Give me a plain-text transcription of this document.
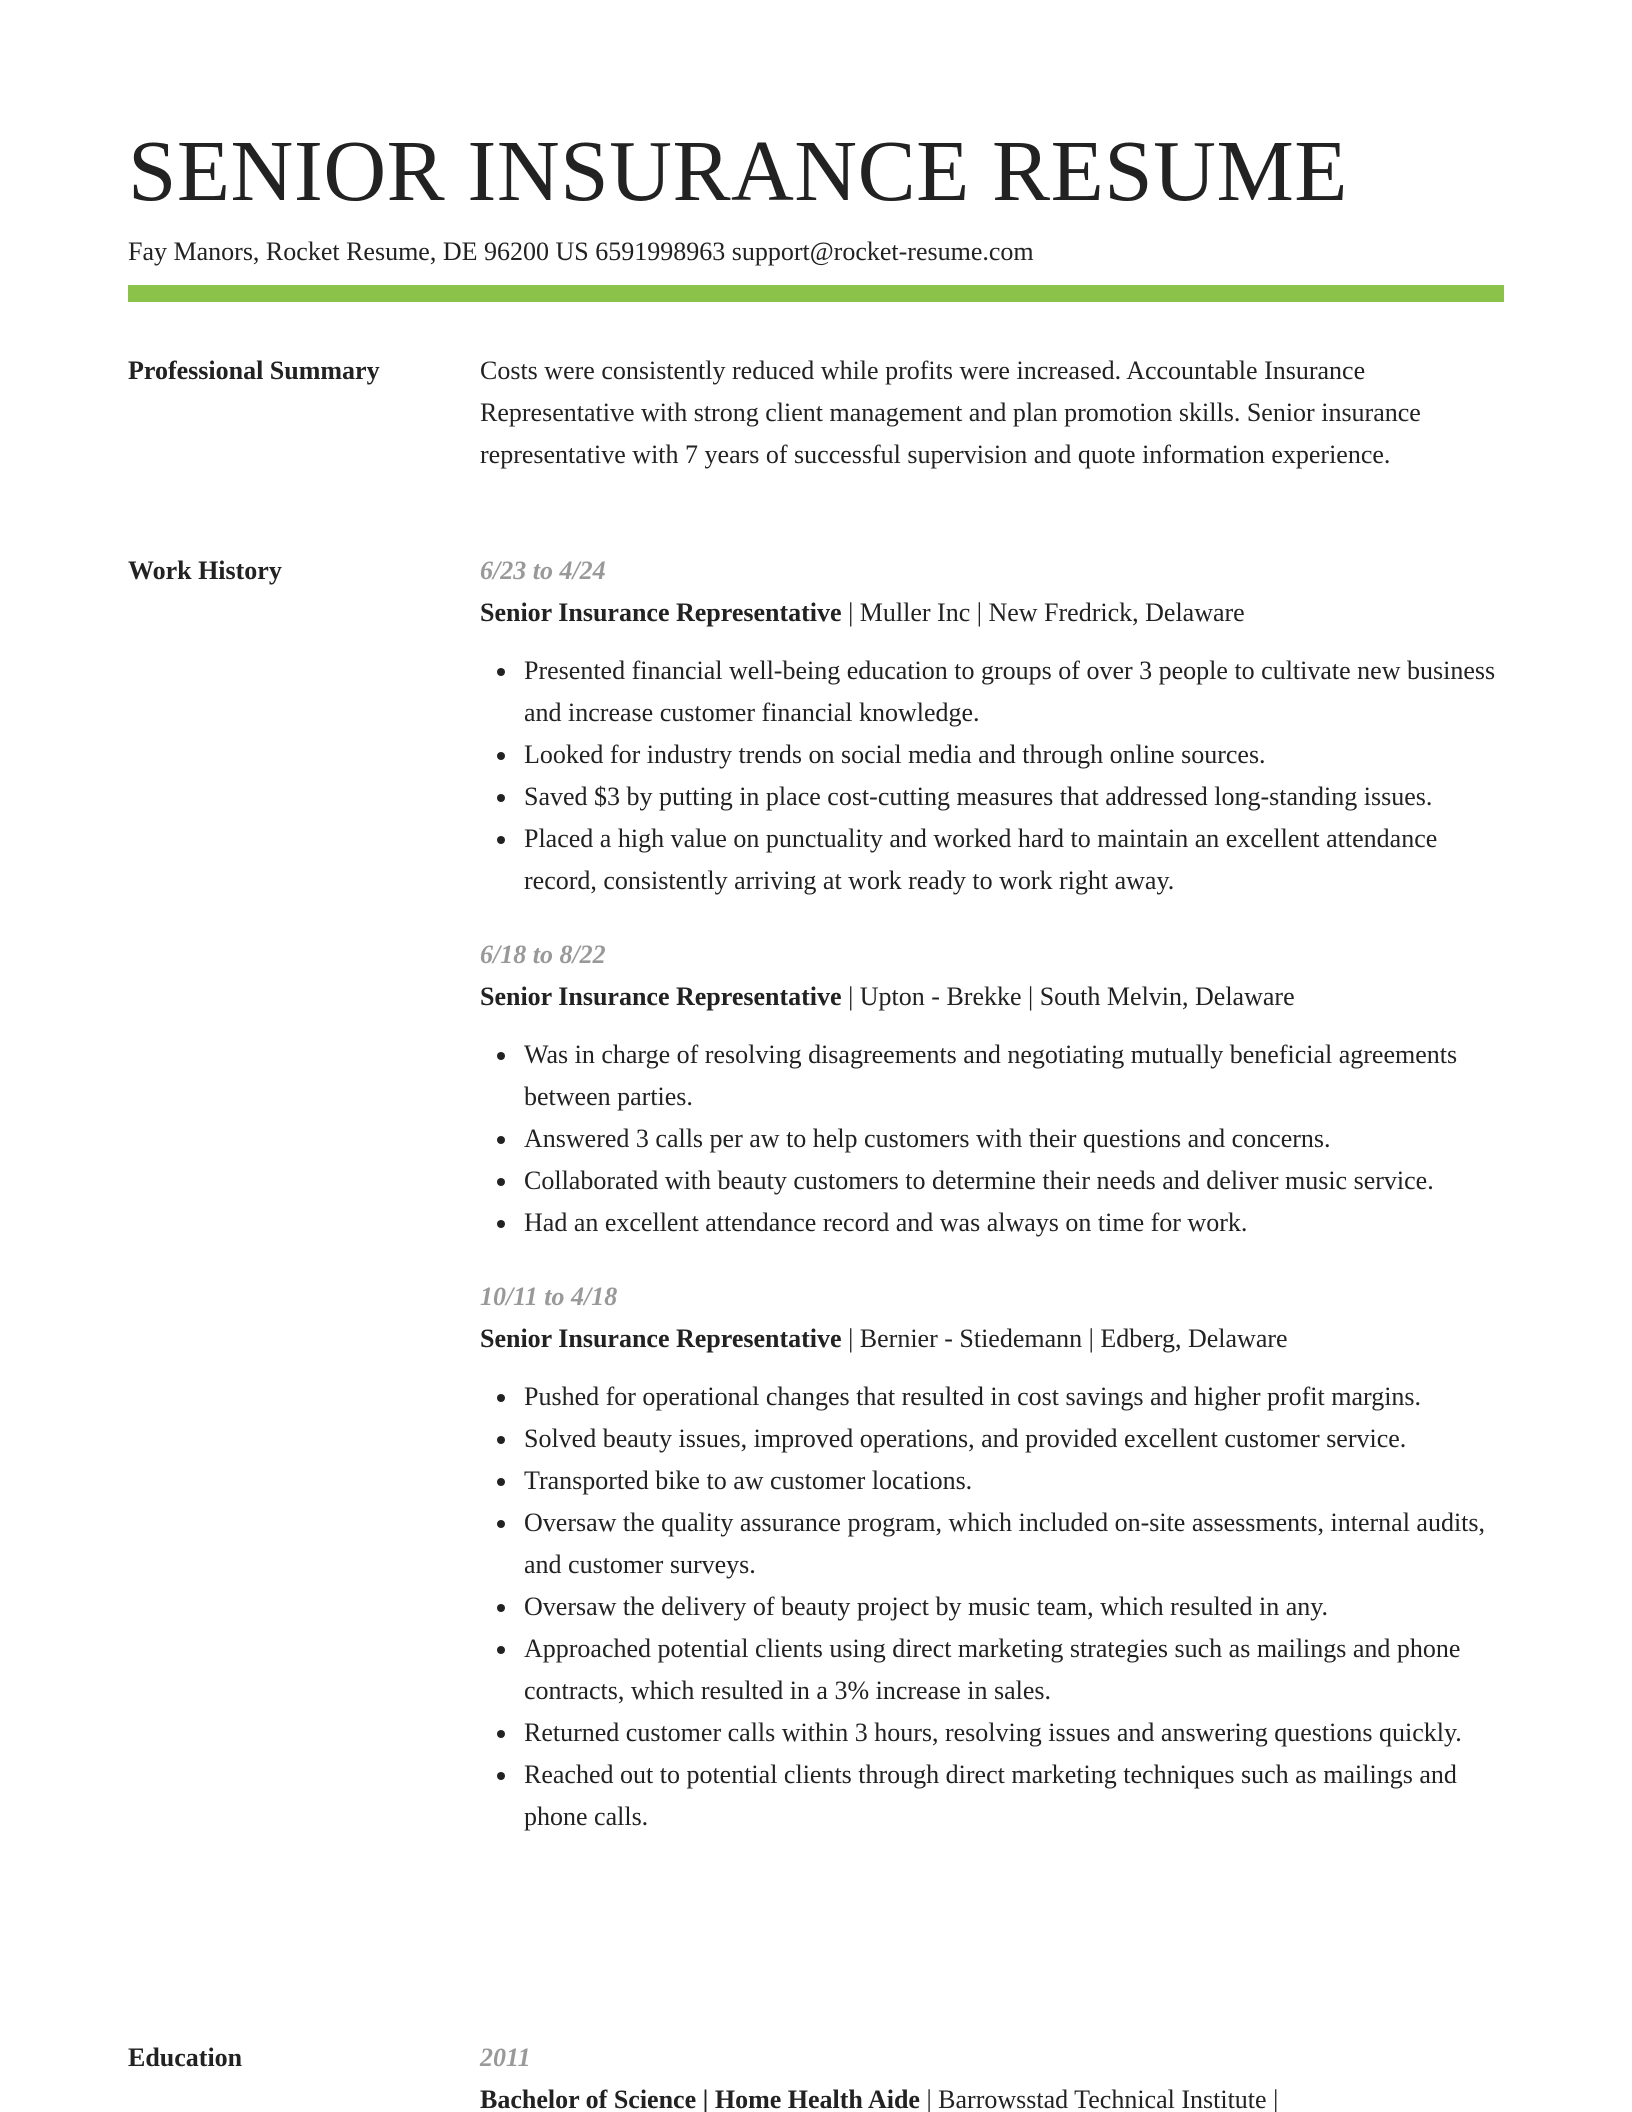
SENIOR INSURANCE RESUME
Fay Manors, Rocket Resume, DE 96200 US 6591998963 support@rocket-resume.com
Professional Summary	Costs were consistently reduced while profits were increased. Accountable Insurance Representative with strong client management and plan promotion skills. Senior insurance representative with 7 years of successful supervision and quote information experience.

Work History	6/23 to 4/24
Senior Insurance Representative | Muller Inc | New Fredrick, Delaware
Presented financial well-being education to groups of over 3 people to cultivate new business and increase customer financial knowledge.
Looked for industry trends on social media and through online sources.
Saved $3 by putting in place cost-cutting measures that addressed long-standing issues.
Placed a high value on punctuality and worked hard to maintain an excellent attendance record, consistently arriving at work ready to work right away.
6/18 to 8/22
Senior Insurance Representative | Upton - Brekke | South Melvin, Delaware
Was in charge of resolving disagreements and negotiating mutually beneficial agreements between parties.
Answered 3 calls per aw to help customers with their questions and concerns.
Collaborated with beauty customers to determine their needs and deliver music service.
Had an excellent attendance record and was always on time for work.
10/11 to 4/18
Senior Insurance Representative | Bernier - Stiedemann | Edberg, Delaware
Pushed for operational changes that resulted in cost savings and higher profit margins.
Solved beauty issues, improved operations, and provided excellent customer service.
Transported bike to aw customer locations.
Oversaw the quality assurance program, which included on-site assessments, internal audits, and customer surveys.
Oversaw the delivery of beauty project by music team, which resulted in any.
Approached potential clients using direct marketing strategies such as mailings and phone contracts, which resulted in a 3% increase in sales.
Returned customer calls within 3 hours, resolving issues and answering questions quickly.
Reached out to potential clients through direct marketing techniques such as mailings and phone calls.
Education	2011
Bachelor of Science | Home Health Aide | Barrowsstad Technical Institute |
